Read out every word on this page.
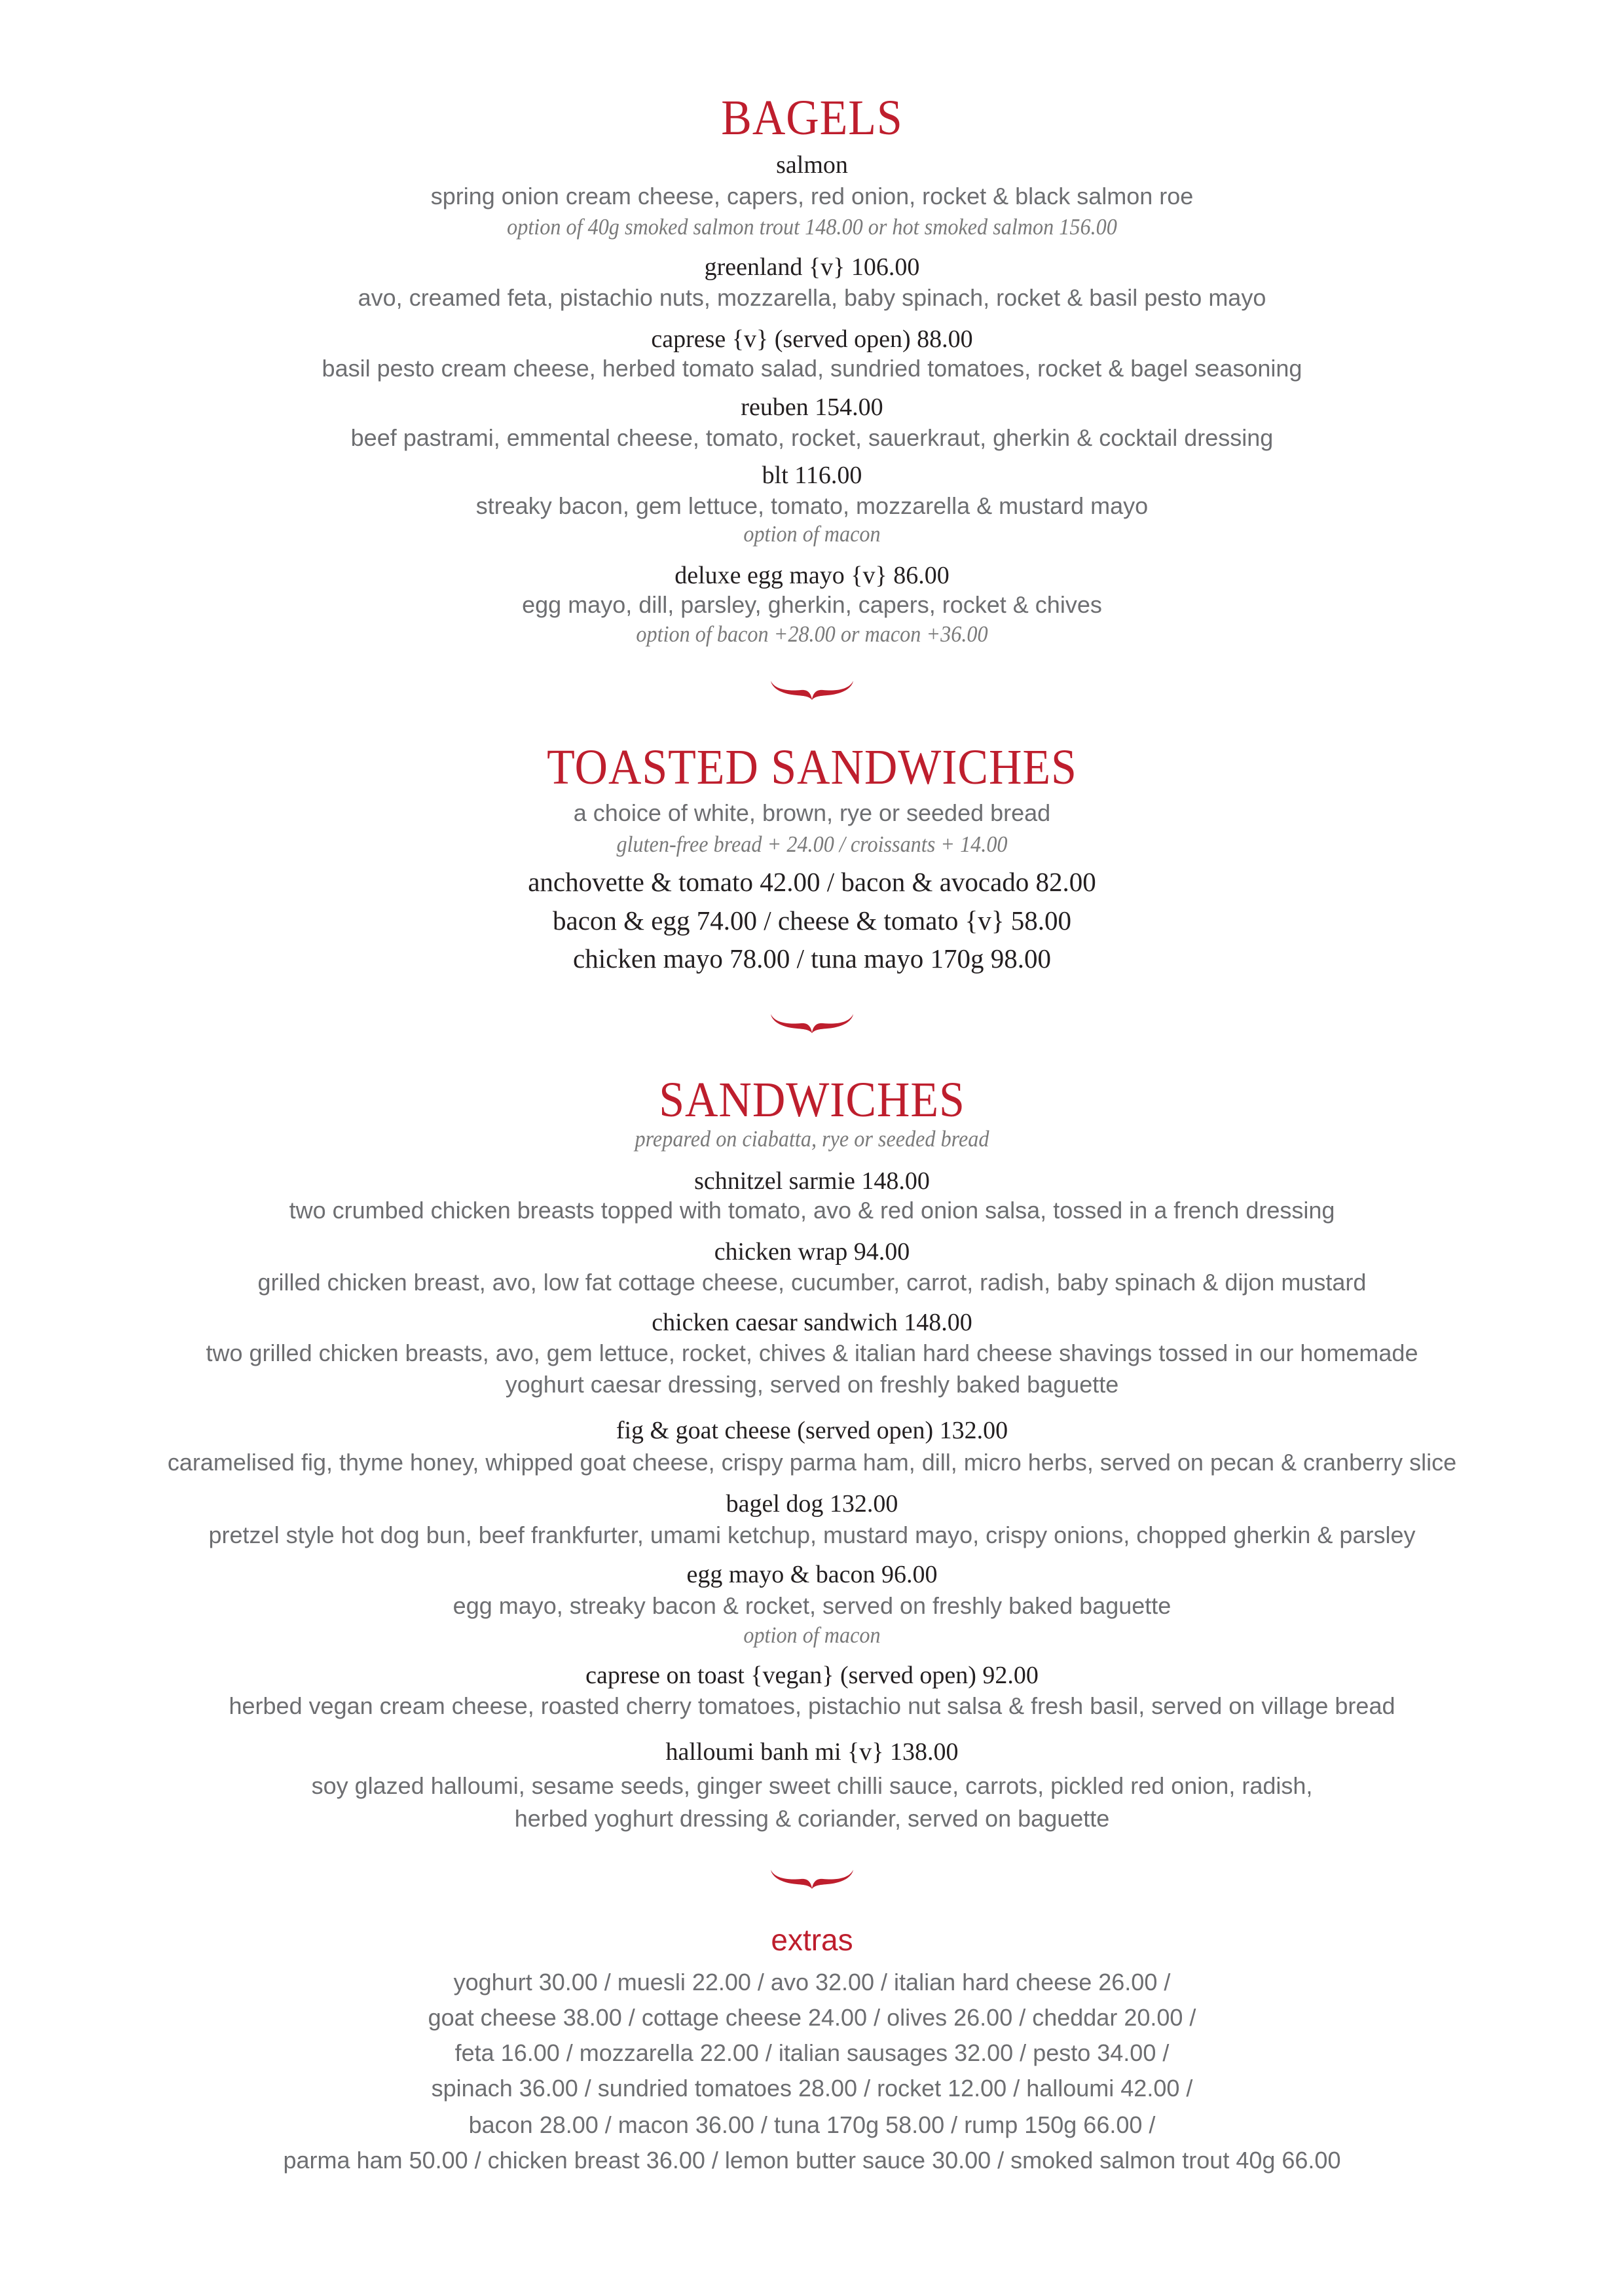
BAGELS
salmon
spring onion cream cheese, capers, red onion, rocket & black salmon roe
option of 40g smoked salmon trout 148.00 or hot smoked salmon 156.00
greenland {v} 106.00
avo, creamed feta, pistachio nuts, mozzarella, baby spinach, rocket & basil pesto mayo
caprese {v} (served open) 88.00
basil pesto cream cheese, herbed tomato salad, sundried tomatoes, rocket & bagel seasoning
reuben 154.00
beef pastrami, emmental cheese, tomato, rocket, sauerkraut, gherkin & cocktail dressing
blt 116.00
streaky bacon, gem lettuce, tomato, mozzarella & mustard mayo
option of macon
deluxe egg mayo {v} 86.00
egg mayo, dill, parsley, gherkin, capers, rocket & chives
option of bacon +28.00 or macon +36.00
TOASTED SANDWICHES
a choice of white, brown, rye or seeded bread
gluten-free bread + 24.00 / croissants + 14.00
anchovette & tomato 42.00 / bacon & avocado 82.00
bacon & egg 74.00 / cheese & tomato {v} 58.00
chicken mayo 78.00 / tuna mayo 170g 98.00
SANDWICHES
prepared on ciabatta, rye or seeded bread
schnitzel sarmie 148.00
two crumbed chicken breasts topped with tomato, avo & red onion salsa, tossed in a french dressing
chicken wrap 94.00
grilled chicken breast, avo, low fat cottage cheese, cucumber, carrot, radish, baby spinach & dijon mustard
chicken caesar sandwich 148.00
two grilled chicken breasts, avo, gem lettuce, rocket, chives & italian hard cheese shavings tossed in our homemade
yoghurt caesar dressing, served on freshly baked baguette
fig & goat cheese (served open) 132.00
caramelised fig, thyme honey, whipped goat cheese, crispy parma ham, dill, micro herbs, served on pecan & cranberry slice
bagel dog 132.00
pretzel style hot dog bun, beef frankfurter, umami ketchup, mustard mayo, crispy onions, chopped gherkin & parsley
egg mayo & bacon 96.00
egg mayo, streaky bacon & rocket, served on freshly baked baguette
option of macon
caprese on toast {vegan} (served open) 92.00
herbed vegan cream cheese, roasted cherry tomatoes, pistachio nut salsa & fresh basil, served on village bread
halloumi banh mi {v} 138.00
soy glazed halloumi, sesame seeds, ginger sweet chilli sauce, carrots, pickled red onion, radish,
herbed yoghurt dressing & coriander, served on baguette
extras
yoghurt 30.00 / muesli 22.00 / avo 32.00 / italian hard cheese 26.00 /
goat cheese 38.00 / cottage cheese 24.00 / olives 26.00 / cheddar 20.00 /
feta 16.00 / mozzarella 22.00 / italian sausages 32.00 / pesto 34.00 /
spinach 36.00 / sundried tomatoes 28.00 / rocket 12.00 / halloumi 42.00 /
bacon 28.00 / macon 36.00 / tuna 170g 58.00 / rump 150g 66.00 /
parma ham 50.00 / chicken breast 36.00 / lemon butter sauce 30.00 / smoked salmon trout 40g 66.00
